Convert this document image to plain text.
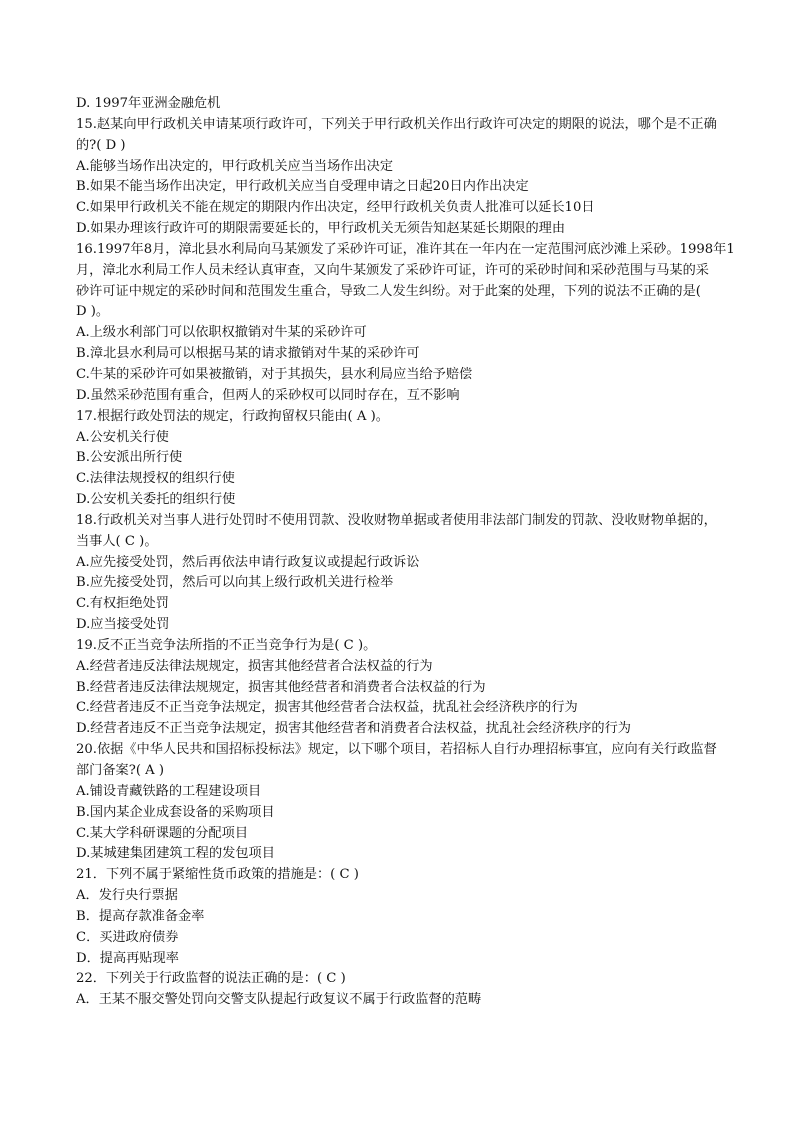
D. 1997年亚洲金融危机
15.赵某向甲行政机关申请某项行政许可，下列关于甲行政机关作出行政许可决定的期限的说法，哪个是不正确
的?( D )
A.能够当场作出决定的，甲行政机关应当当场作出决定
B.如果不能当场作出决定，甲行政机关应当自受理申请之日起20日内作出决定
C.如果甲行政机关不能在规定的期限内作出决定，经甲行政机关负责人批准可以延长10日
D.如果办理该行政许可的期限需要延长的，甲行政机关无须告知赵某延长期限的理由
16.1997年8月，漳北县水利局向马某颁发了采砂许可证，准许其在一年内在一定范围河底沙滩上采砂。1998年1
月，漳北水利局工作人员未经认真审查，又向牛某颁发了采砂许可证，许可的采砂时间和采砂范围与马某的采
砂许可证中规定的采砂时间和范围发生重合，导致二人发生纠纷。对于此案的处理，下列的说法不正确的是(
D )。
A.上级水利部门可以依职权撤销对牛某的采砂许可
B.漳北县水利局可以根据马某的请求撤销对牛某的采砂许可
C.牛某的采砂许可如果被撤销，对于其损失，县水利局应当给予赔偿
D.虽然采砂范围有重合，但两人的采砂权可以同时存在，互不影响
17.根据行政处罚法的规定，行政拘留权只能由( A )。
A.公安机关行使
B.公安派出所行使
C.法律法规授权的组织行使
D.公安机关委托的组织行使
18.行政机关对当事人进行处罚时不使用罚款、没收财物单据或者使用非法部门制发的罚款、没收财物单据的，
当事人( C )。
A.应先接受处罚，然后再依法申请行政复议或提起行政诉讼
B.应先接受处罚，然后可以向其上级行政机关进行检举
C.有权拒绝处罚
D.应当接受处罚
19.反不正当竞争法所指的不正当竞争行为是( C )。
A.经营者违反法律法规规定，损害其他经营者合法权益的行为
B.经营者违反法律法规规定，损害其他经营者和消费者合法权益的行为
C.经营者违反不正当竞争法规定，损害其他经营者合法权益，扰乱社会经济秩序的行为
D.经营者违反不正当竞争法规定，损害其他经营者和消费者合法权益，扰乱社会经济秩序的行为
20.依据《中华人民共和国招标投标法》规定，以下哪个项目，若招标人自行办理招标事宜，应向有关行政监督
部门备案?( A )
A.铺设青藏铁路的工程建设项目
B.国内某企业成套设备的采购项目
C.某大学科研课题的分配项目
D.某城建集团建筑工程的发包项目
21．下列不属于紧缩性货币政策的措施是：( C )
A．发行央行票据
B．提高存款准备金率
C．买进政府债券
D．提高再贴现率
22．下列关于行政监督的说法正确的是：( C )
A．王某不服交警处罚向交警支队提起行政复议不属于行政监督的范畴
